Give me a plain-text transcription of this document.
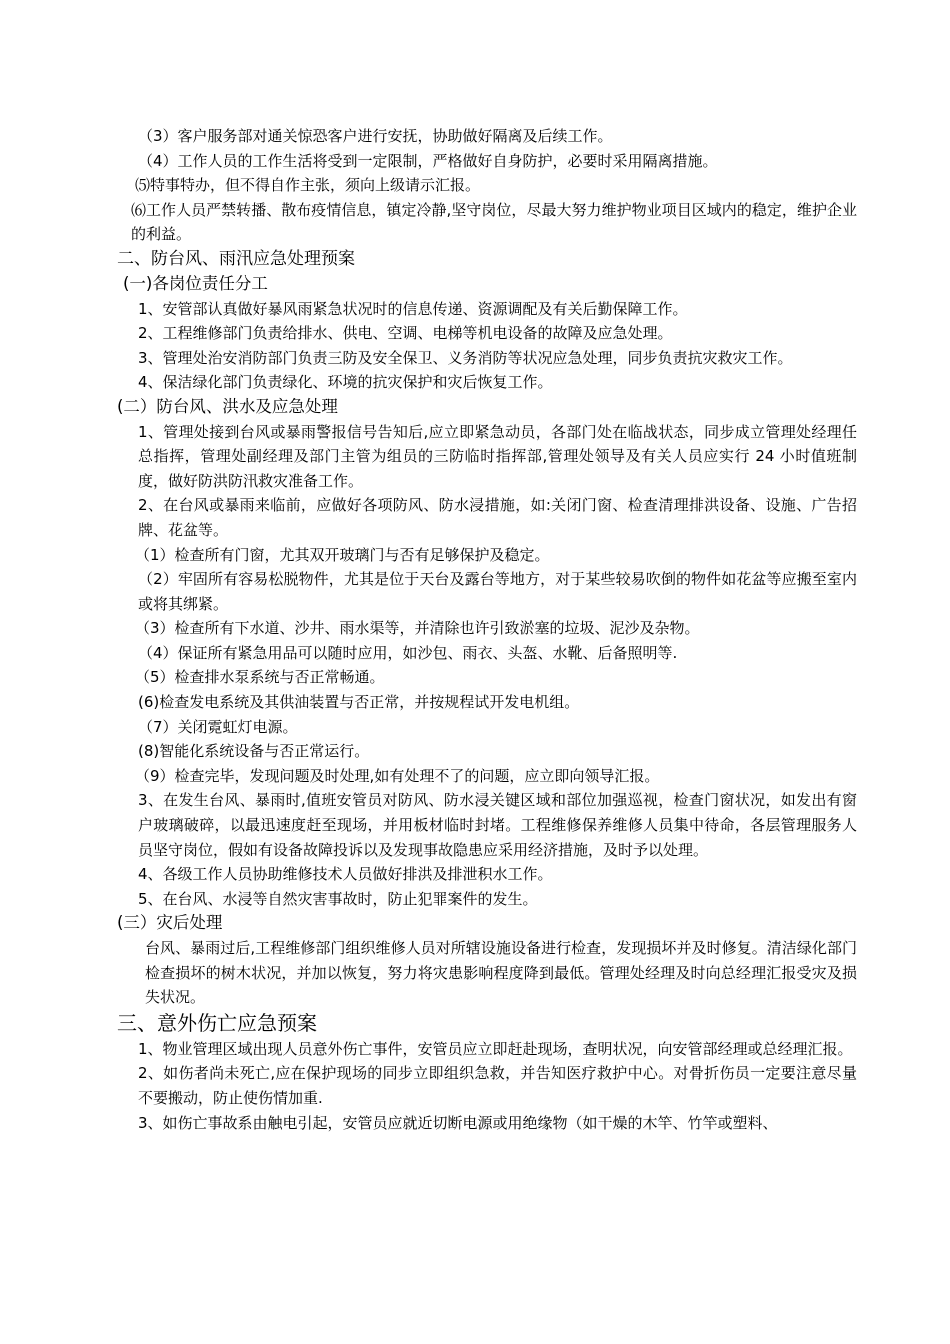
（3）客户服务部对通关惊恐客户进行安抚，协助做好隔离及后续工作。
（4）工作人员的工作生活将受到一定限制，严格做好自身防护，必要时采用隔离措施。
⑸特事特办，但不得自作主张，须向上级请示汇报。
⑹工作人员严禁转播、散布疫情信息，镇定冷静,坚守岗位，尽最大努力维护物业项目区域内的稳定，维护企业的利益。
二、防台风、雨汛应急处理预案
(一)各岗位责任分工
1、安管部认真做好暴风雨紧急状况时的信息传递、资源调配及有关后勤保障工作。
2、工程维修部门负责给排水、供电、空调、电梯等机电设备的故障及应急处理。
3、管理处治安消防部门负责三防及安全保卫、义务消防等状况应急处理，同步负责抗灾救灾工作。
4、保洁绿化部门负责绿化、环境的抗灾保护和灾后恢复工作。
(二）防台风、洪水及应急处理
1、管理处接到台风或暴雨警报信号告知后,应立即紧急动员，各部门处在临战状态，同步成立管理处经理任总指挥，管理处副经理及部门主管为组员的三防临时指挥部,管理处领导及有关人员应实行 24 小时值班制度，做好防洪防汛救灾准备工作。
2、在台风或暴雨来临前，应做好各项防风、防水浸措施，如:关闭门窗、检查清理排洪设备、设施、广告招牌、花盆等。
（1）检查所有门窗，尤其双开玻璃门与否有足够保护及稳定。
（2）牢固所有容易松脱物件，尤其是位于天台及露台等地方，对于某些较易吹倒的物件如花盆等应搬至室内或将其绑紧。
（3）检查所有下水道、沙井、雨水渠等，并清除也许引致淤塞的垃圾、泥沙及杂物。
（4）保证所有紧急用品可以随时应用，如沙包、雨衣、头盔、水靴、后备照明等.
（5）检查排水泵系统与否正常畅通。
(6)检查发电系统及其供油装置与否正常，并按规程试开发电机组。
（7）关闭霓虹灯电源。
(8)智能化系统设备与否正常运行。
（9）检查完毕，发现问题及时处理,如有处理不了的问题，应立即向领导汇报。
3、在发生台风、暴雨时,值班安管员对防风、防水浸关键区域和部位加强巡视，检查门窗状况，如发出有窗户玻璃破碎，以最迅速度赶至现场，并用板材临时封堵。工程维修保养维修人员集中待命，各层管理服务人员坚守岗位，假如有设备故障投诉以及发现事故隐患应采用经济措施，及时予以处理。
4、各级工作人员协助维修技术人员做好排洪及排泄积水工作。
5、在台风、水浸等自然灾害事故时，防止犯罪案件的发生。
(三）灾后处理
台风、暴雨过后,工程维修部门组织维修人员对所辖设施设备进行检查，发现损坏并及时修复。清洁绿化部门检查损坏的树木状况，并加以恢复，努力将灾患影响程度降到最低。管理处经理及时向总经理汇报受灾及损失状况。
三、意外伤亡应急预案
1、物业管理区域出现人员意外伤亡事件，安管员应立即赶赴现场，查明状况，向安管部经理或总经理汇报。
2、如伤者尚未死亡,应在保护现场的同步立即组织急救，并告知医疗救护中心。对骨折伤员一定要注意尽量不要搬动，防止使伤情加重.
3、如伤亡事故系由触电引起，安管员应就近切断电源或用绝缘物（如干燥的木竿、竹竿或塑料、
